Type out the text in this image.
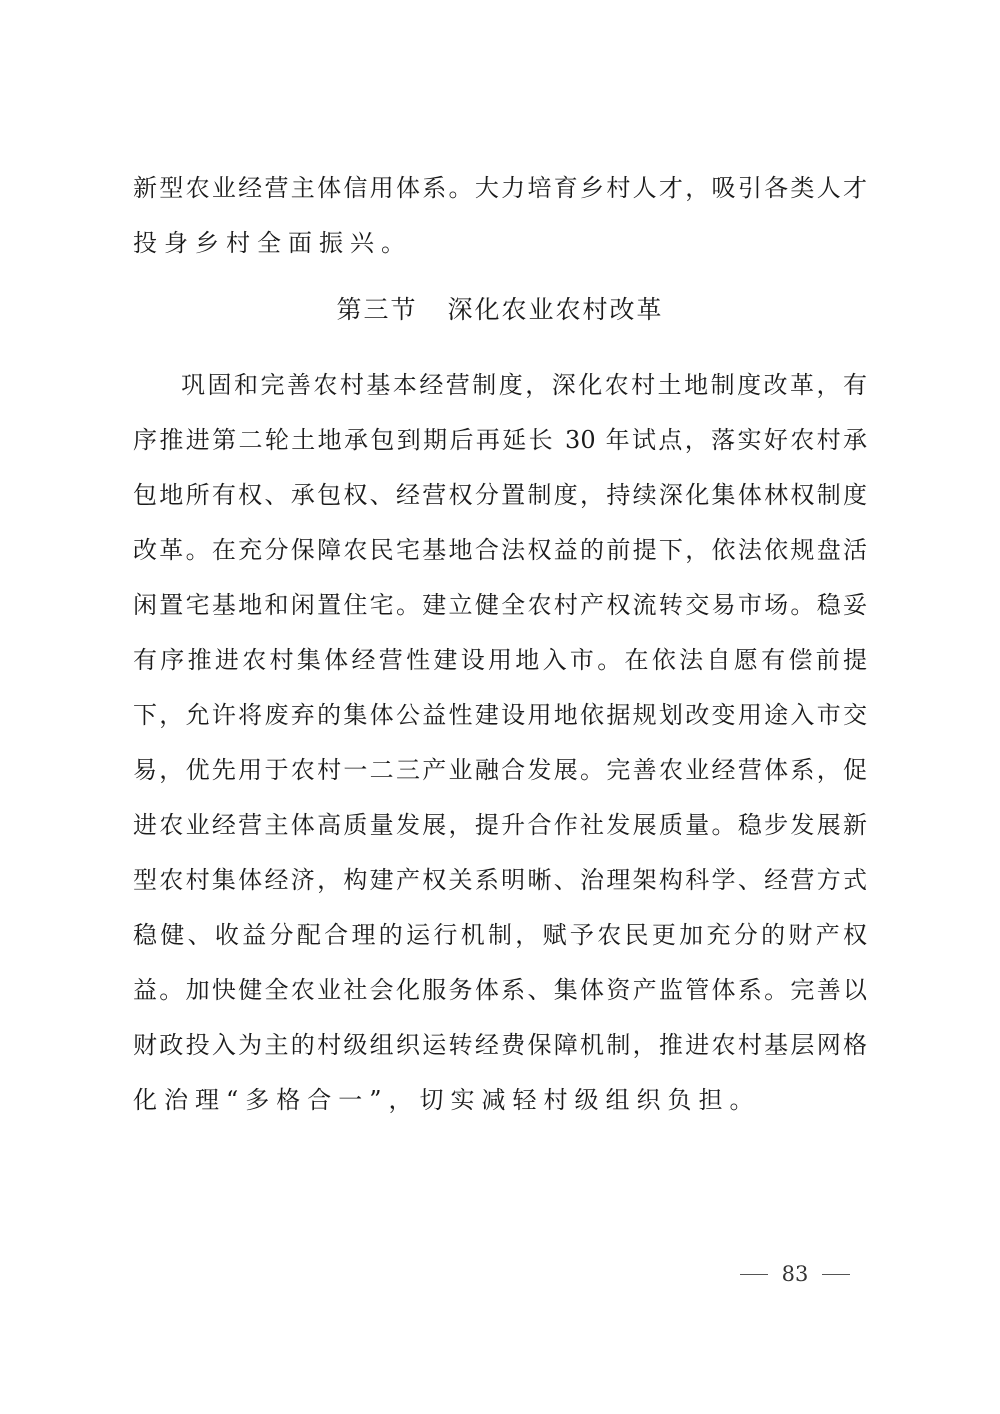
新型农业经营主体信用体系。大力培育乡村人才，吸引各类人才
投身乡村全面振兴。
第三节 深化农业农村改革
巩固和完善农村基本经营制度，深化农村土地制度改革，有
序推进第二轮土地承包到期后再延长 30 年试点，落实好农村承
包地所有权、承包权、经营权分置制度，持续深化集体林权制度
改革。在充分保障农民宅基地合法权益的前提下，依法依规盘活
闲置宅基地和闲置住宅。建立健全农村产权流转交易市场。稳妥
有序推进农村集体经营性建设用地入市。在依法自愿有偿前提
下，允许将废弃的集体公益性建设用地依据规划改变用途入市交
易，优先用于农村一二三产业融合发展。完善农业经营体系，促
进农业经营主体高质量发展，提升合作社发展质量。稳步发展新
型农村集体经济，构建产权关系明晰、治理架构科学、经营方式
稳健、收益分配合理的运行机制，赋予农民更加充分的财产权
益。加快健全农业社会化服务体系、集体资产监管体系。完善以
财政投入为主的村级组织运转经费保障机制，推进农村基层网格
化治理“多格合一”，切实减轻村级组织负担。
83
